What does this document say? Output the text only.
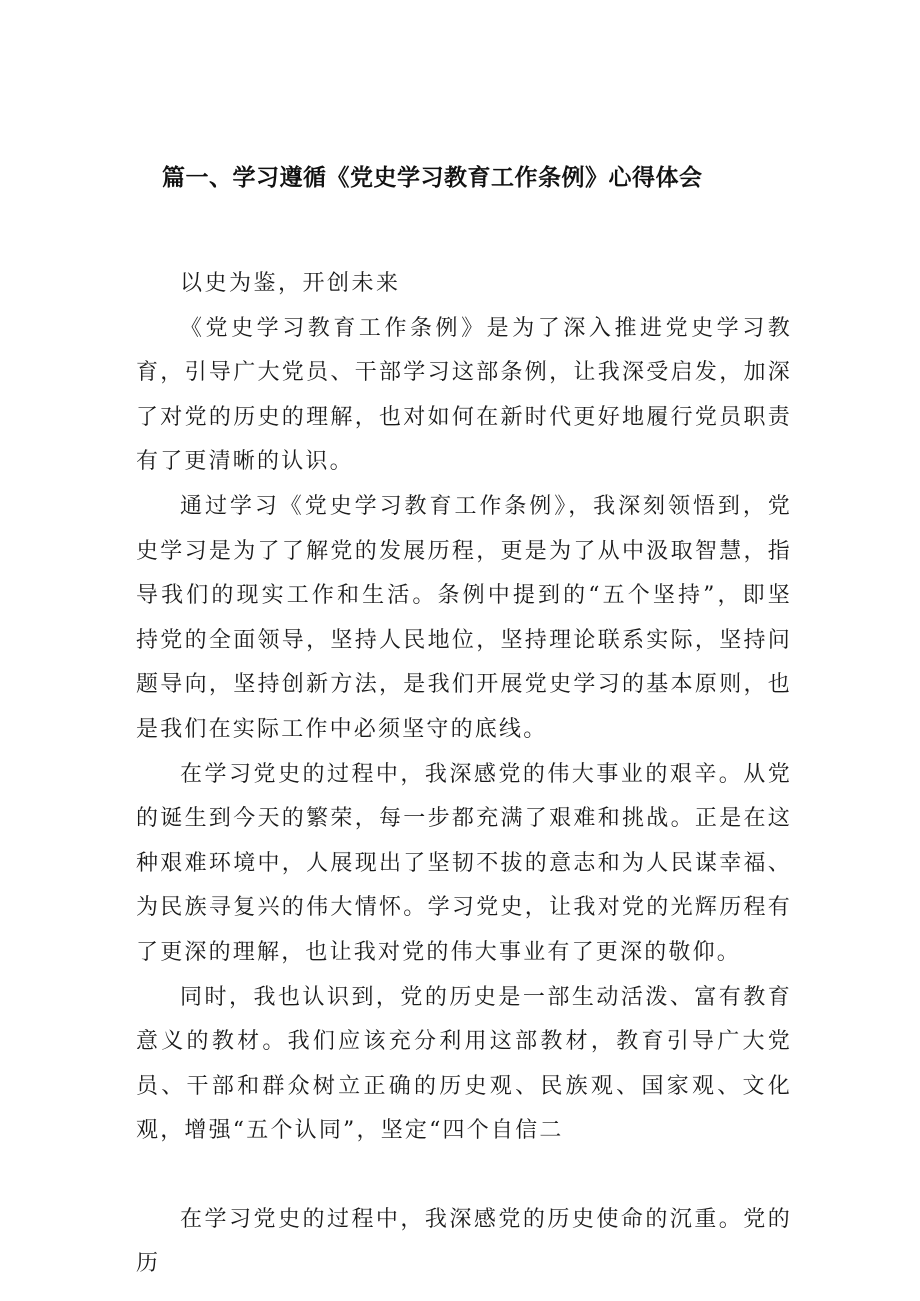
篇一、学习遵循《党史学习教育工作条例》心得体会

以史为鉴，开创未来

《党史学习教育工作条例》是为了深入推进党史学习教育，引导广大党员、干部学习这部条例，让我深受启发，加深了对党的历史的理解，也对如何在新时代更好地履行党员职责有了更清晰的认识。

通过学习《党史学习教育工作条例》，我深刻领悟到，党史学习是为了了解党的发展历程，更是为了从中汲取智慧，指导我们的现实工作和生活。条例中提到的“五个坚持”，即坚持党的全面领导，坚持人民地位，坚持理论联系实际，坚持问题导向，坚持创新方法，是我们开展党史学习的基本原则，也是我们在实际工作中必须坚守的底线。

在学习党史的过程中，我深感党的伟大事业的艰辛。从党的诞生到今天的繁荣，每一步都充满了艰难和挑战。正是在这种艰难环境中，人展现出了坚韧不拔的意志和为人民谋幸福、为民族寻复兴的伟大情怀。学习党史，让我对党的光辉历程有了更深的理解，也让我对党的伟大事业有了更深的敬仰。

同时，我也认识到，党的历史是一部生动活泼、富有教育意义的教材。我们应该充分利用这部教材，教育引导广大党员、干部和群众树立正确的历史观、民族观、国家观、文化观，增强“五个认同”，坚定“四个自信二

在学习党史的过程中，我深感党的历史使命的沉重。党的历
